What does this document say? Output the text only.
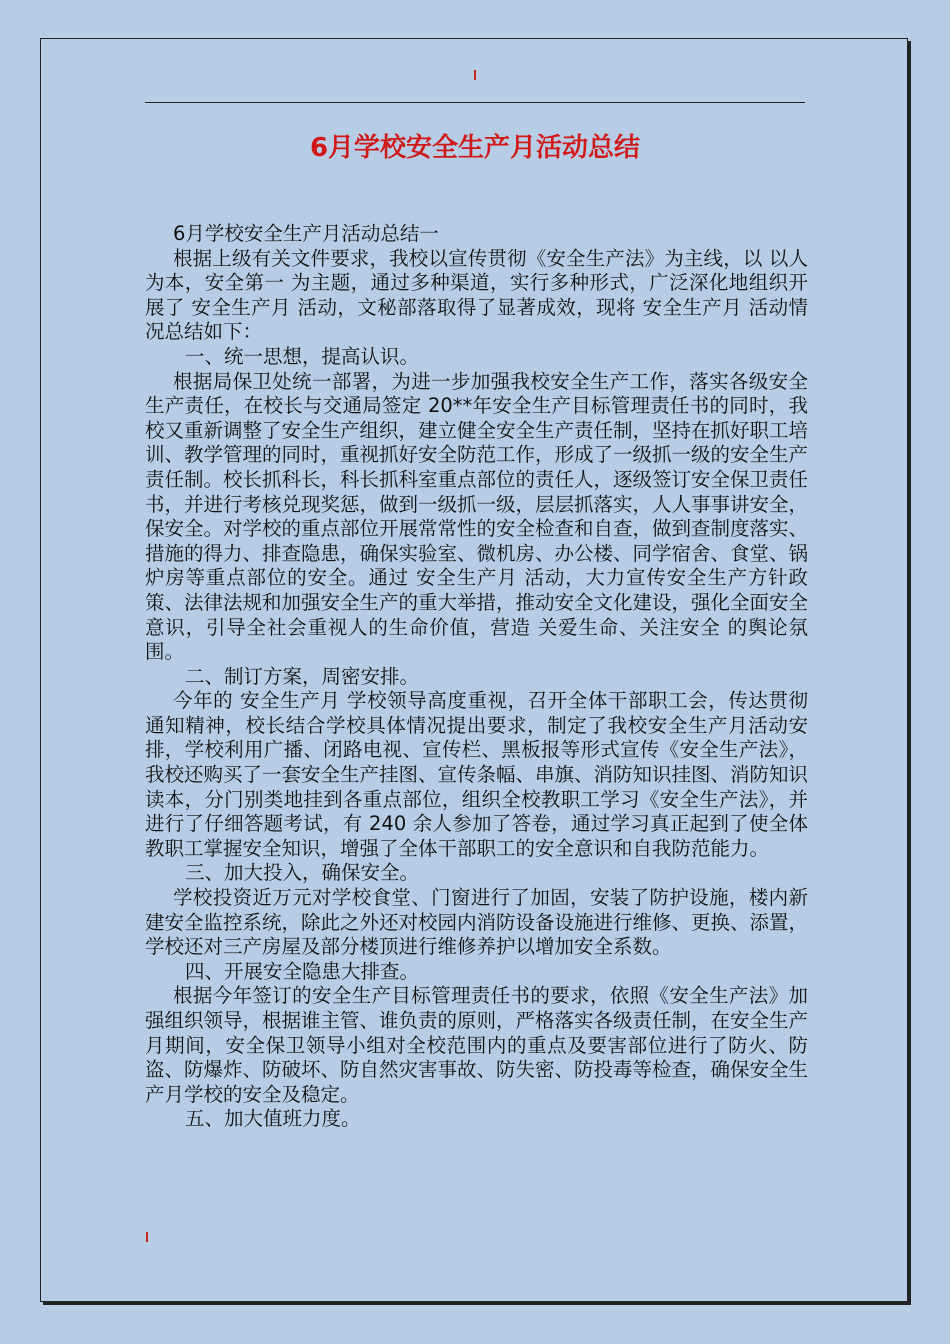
6月学校安全生产月活动总结

6月学校安全生产月活动总结一

根据上级有关文件要求，我校以宣传贯彻《安全生产法》为主线，以 以人为本，安全第一 为主题，通过多种渠道，实行多种形式，广泛深化地组织开展了 安全生产月 活动，文秘部落取得了显著成效，现将 安全生产月 活动情况总结如下：

一、统一思想，提高认识。

根据局保卫处统一部署，为进一步加强我校安全生产工作，落实各级安全生产责任，在校长与交通局签定 20**年安全生产目标管理责任书的同时，我校又重新调整了安全生产组织，建立健全安全生产责任制，坚持在抓好职工培训、教学管理的同时，重视抓好安全防范工作，形成了一级抓一级的安全生产责任制。校长抓科长，科长抓科室重点部位的责任人，逐级签订安全保卫责任书，并进行考核兑现奖惩，做到一级抓一级，层层抓落实，人人事事讲安全，保安全。对学校的重点部位开展常常性的安全检查和自查，做到查制度落实、措施的得力、排查隐患，确保实验室、微机房、办公楼、同学宿舍、食堂、锅炉房等重点部位的安全。通过 安全生产月 活动，大力宣传安全生产方针政策、法律法规和加强安全生产的重大举措，推动安全文化建设，强化全面安全意识，引导全社会重视人的生命价值，营造 关爱生命、关注安全 的舆论氛围。

二、制订方案，周密安排。

今年的 安全生产月 学校领导高度重视，召开全体干部职工会，传达贯彻通知精神，校长结合学校具体情况提出要求，制定了我校安全生产月活动安排，学校利用广播、闭路电视、宣传栏、黑板报等形式宣传《安全生产法》，我校还购买了一套安全生产挂图、宣传条幅、串旗、消防知识挂图、消防知识读本，分门别类地挂到各重点部位，组织全校教职工学习《安全生产法》，并进行了仔细答题考试，有 240 余人参加了答卷，通过学习真正起到了使全体教职工掌握安全知识，增强了全体干部职工的安全意识和自我防范能力。

三、加大投入，确保安全。

学校投资近万元对学校食堂、门窗进行了加固，安装了防护设施，楼内新建安全监控系统，除此之外还对校园内消防设备设施进行维修、更换、添置，学校还对三产房屋及部分楼顶进行维修养护以增加安全系数。

四、开展安全隐患大排查。

根据今年签订的安全生产目标管理责任书的要求，依照《安全生产法》加强组织领导，根据谁主管、谁负责的原则，严格落实各级责任制，在安全生产月期间，安全保卫领导小组对全校范围内的重点及要害部位进行了防火、防盗、防爆炸、防破坏、防自然灾害事故、防失密、防投毒等检查，确保安全生产月学校的安全及稳定。

五、加大值班力度。
